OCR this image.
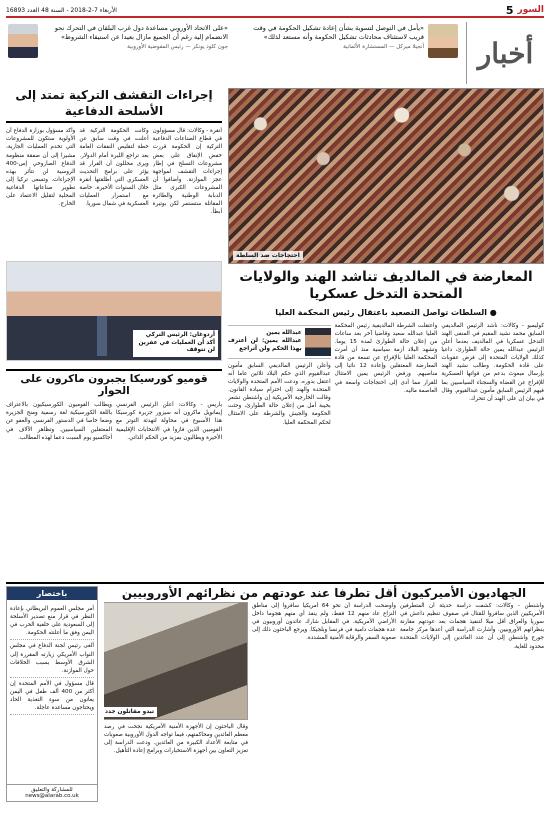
5 السور
الأربعاء 7-2-2018 - السنة 48 العدد 16893
أخبار
«يأمل في التوصل لتسوية بشأن إعادة تشكيل الحكومة في وقت قريب لاستئناف محادثات تشكيل الحكومة وأنه مستعد لذلك»
أنجيلا ميركل — المستشارة الألمانية
«على الاتحاد الأوروبي مساعدة دول غرب البلقان في التحرك نحو الانضمام إليه رغم أن الجميع مازال بعيدا عن استيفاء الشروط»
جون كلود يونكر — رئيس المفوضية الأوروبية
احتجاجات ضد السلطة
المعارضة في المالديف تناشد الهند والولايات المتحدة التدخل عسكريا
● السلطات تواصل التصعيد باعتقال رئيس المحكمة العليا
كوليمبو - وكالات: ناشد الرئيس المالديفي السابق محمد نشيد المقيم في المنفى الهند التدخل عسكريا في المالديف بعدما أعلن الرئيس عبدالله يمين حالة الطوارئ، داعيا كذلك الولايات المتحدة إلى فرض عقوبات على قادة الحكومة. وطالب نشيد الهند بإرسال مبعوث بدعم من قواتها العسكرية للإفراج عن القضاة والسجناء السياسيين بما فيهم الرئيس السابق مأمون عبدالقيوم. وقال في بيان إن على الهند أن تتحرك.
واعتقلت الشرطة المالديفية رئيس المحكمة العليا عبدالله سعيد وقاضيا آخر بعد ساعات من إعلان حالة الطوارئ لمدة 15 يوما. وتشهد البلاد أزمة سياسية منذ أن أمرت المحكمة العليا بالإفراج عن تسعة من قادة المعارضة المعتقلين وإعادة 12 نائبا إلى مناصبهم. ورفض الرئيس يمين الامتثال للقرار مما أدى إلى احتجاجات واسعة في العاصمة ماليه.
عبدالله يمين
عبدالله يمين: لن أعترف بهذا الحكم ولن أتراجع
وأعلن الرئيس المالديفي السابق مأمون عبدالقيوم الذي حكم البلاد ثلاثين عاما أنه اعتقل بدوره. ودعت الأمم المتحدة والولايات المتحدة والهند إلى احترام سيادة القانون. وقالت الخارجية الأمريكية إن واشنطن تشعر بخيبة أمل من إعلان حالة الطوارئ، وحثت الحكومة والجيش والشرطة على الامتثال لحكم المحكمة العليا.
إجراءات التقشف التركية تمتد إلى الأسلحة الدفاعية
أنقرة - وكالات: قال مسؤولون في قطاع الصناعات الدفاعية التركية إن الحكومة قررت خفض الإنفاق على بعض مشروعات التسلح في إطار إجراءات التقشف لمواجهة عجز الموازنة. وأضافوا أن المشروعات الكبرى مثل الدبابة الوطنية والطائرة المقاتلة ستستمر لكن بوتيرة أبطأ.
وكانت الحكومة التركية قد أعلنت في وقت سابق عن خطة لتقليص النفقات العامة بعد تراجع الليرة أمام الدولار. ويرى محللون أن القرار قد يؤثر على برامج التحديث العسكري التي أطلقتها أنقرة خلال السنوات الأخيرة، خاصة مع استمرار العمليات العسكرية في شمال سوريا.
وأكد مسؤول بوزارة الدفاع أن الأولوية ستكون للمشروعات التي تخدم العمليات الجارية، مشيرا إلى أن صفقة منظومة الدفاع الصاروخي إس-400 الروسية لن تتأثر بهذه الإجراءات. وتسعى تركيا إلى تطوير صناعاتها الدفاعية المحلية لتقليل الاعتماد على الخارج.
أردوغان: الرئيس التركي أكد أن العمليات في عفرين لن تتوقف
قوميو كورسيكا يجبرون ماكرون على الحوار
باريس - وكالات: أعلن الرئيس الفرنسي إيمانويل ماكرون أنه سيزور جزيرة كورسيكا هذا الأسبوع في محاولة لتهدئة التوتر مع القوميين الذين فازوا في الانتخابات الإقليمية الأخيرة ويطالبون بمزيد من الحكم الذاتي.
ويطالب القوميون الكورسيكيون بالاعتراف باللغة الكورسيكية لغة رسمية ومنح الجزيرة وضعا خاصا في الدستور الفرنسي والعفو عن المعتقلين السياسيين. وتظاهر الآلاف في أجاكسيو يوم السبت دعما لهذه المطالب.
الجهاديون الأميركيون أقل تطرفا عند عودتهم من نظرائهم الأوروبيين
واشنطن - وكالات: كشفت دراسة حديثة أن المتطرفين الأمريكيين الذين سافروا للقتال في صفوف تنظيم داعش في سوريا والعراق أقل ميلا لتنفيذ هجمات بعد عودتهم مقارنة بنظرائهم الأوروبيين. وأشارت الدراسة التي أعدها مركز جامعة جورج واشنطن إلى أن عدد العائدين إلى الولايات المتحدة محدود للغاية.
وأوضحت الدراسة أن نحو 64 أمريكيا سافروا إلى مناطق النزاع عاد منهم 12 فقط، ولم ينفذ أي منهم هجوما داخل الأراضي الأمريكية. في المقابل شارك عائدون أوروبيون في عدة هجمات دامية في فرنسا وبلجيكا. ويرجع الباحثون ذلك إلى صعوبة السفر والرقابة الأمنية المشددة.
تبدو مقاتلون جدد
وقال الباحثون إن الأجهزة الأمنية الأمريكية نجحت في رصد معظم العائدين ومحاكمتهم، فيما تواجه الدول الأوروبية صعوبات في متابعة الأعداد الكبيرة من العائدين. ودعت الدراسة إلى تعزيز التعاون بين أجهزة الاستخبارات وبرامج إعادة التأهيل.
باختصار
أمر مجلس العموم البريطاني بإعادة النظر في قرار منع تصدير الأسلحة إلى السعودية على خلفية الحرب في اليمن وفق ما أعلنته الحكومة.
ألغى رئيس لجنة الدفاع في مجلس النواب الأمريكي زيارته المقررة إلى الشرق الأوسط بسبب الخلافات حول الموازنة.
قال مسؤول في الأمم المتحدة إن أكثر من 400 ألف طفل في اليمن يعانون من سوء التغذية الحاد ويحتاجون مساعدة عاجلة.
للمشاركة والتعليق
news@alarab.co.uk
